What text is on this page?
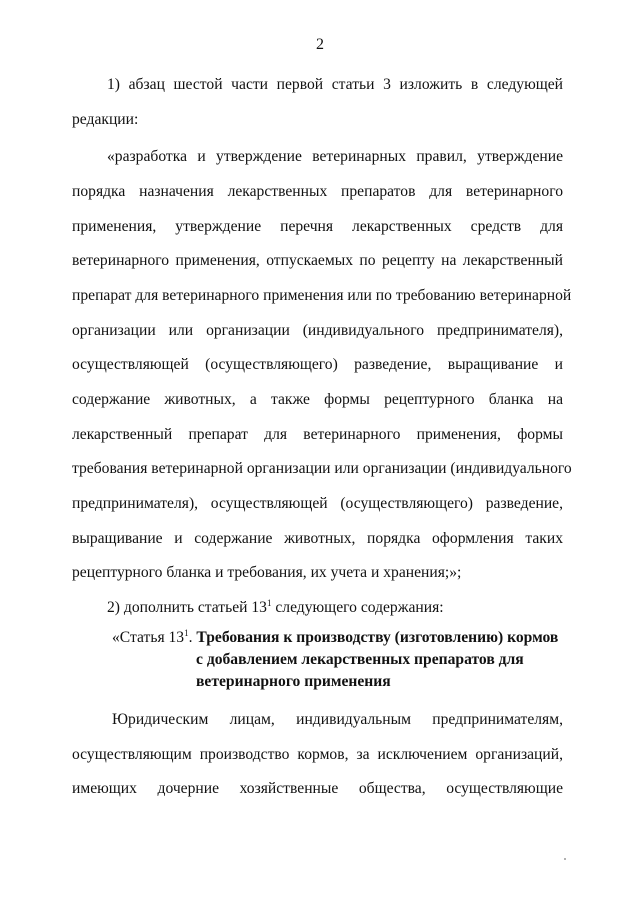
2
1) абзац шестой части первой статьи 3 изложить в следующей
редакции:
«разработка и утверждение ветеринарных правил, утверждение
порядка назначения лекарственных препаратов для ветеринарного
применения, утверждение перечня лекарственных средств для
ветеринарного применения, отпускаемых по рецепту на лекарственный
препарат для ветеринарного применения или по требованию ветеринарной
организации или организации (индивидуального предпринимателя),
осуществляющей (осуществляющего) разведение, выращивание и
содержание животных, а также формы рецептурного бланка на
лекарственный препарат для ветеринарного применения, формы
требования ветеринарной организации или организации (индивидуального
предпринимателя), осуществляющей (осуществляющего) разведение,
выращивание и содержание животных, порядка оформления таких
рецептурного бланка и требования, их учета и хранения;»;
2) дополнить статьей $13^1$ следующего содержания:
«Статья $13^1$. Требования к производству (изготовлению) кормов
с добавлением лекарственных препаратов для
ветеринарного применения
Юридическим лицам, индивидуальным предпринимателям,
осуществляющим производство кормов, за исключением организаций,
имеющих дочерние хозяйственные общества, осуществляющие
